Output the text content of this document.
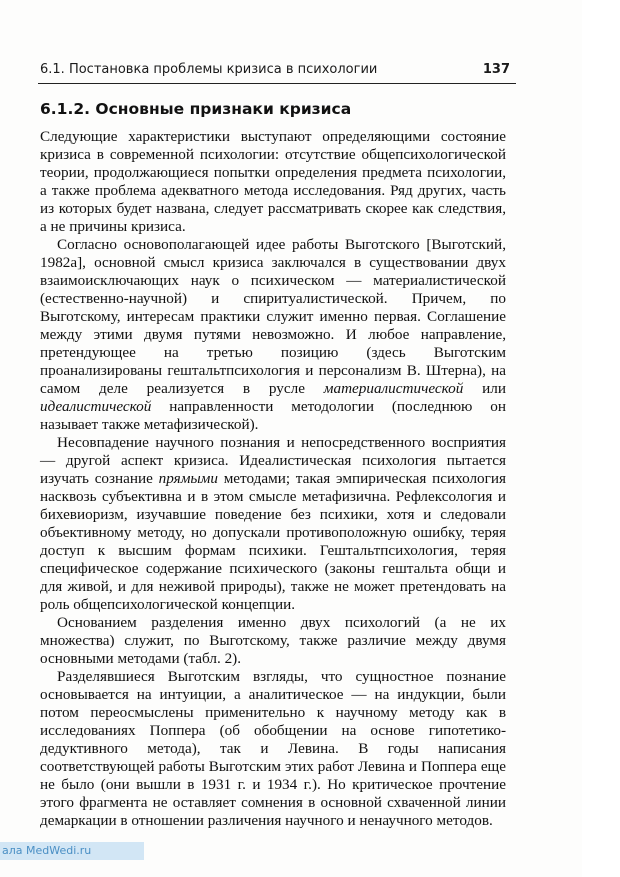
6.1. Постановка проблемы кризиса в психологии	137
6.1.2. Основные признаки кризиса

Следующие характеристики выступают определяющими состояние кризиса в современной психологии: отсутствие общепсихологической теории, продолжающиеся попытки определения предмета психологии, а также проблема адекватного метода исследования. Ряд других, часть из которых будет названа, следует рассматривать скорее как следствия, а не причины кризиса.

Согласно основополагающей идее работы Выготского [Выготский, 1982а], основной смысл кризиса заключался в существовании двух взаимоисключающих наук о психическом — материалистической (естественно-научной) и спиритуалистической. Причем, по Выготскому, интересам практики служит именно первая. Соглашение между этими двумя путями невозможно. И любое направление, претендующее на третью позицию (здесь Выготским проанализированы гештальтпсихология и персонализм В. Штерна), на самом деле реализуется в русле материалистической или идеалистической направленности методологии (последнюю он называет также метафизической).

Несовпадение научного познания и непосредственного восприятия — другой аспект кризиса. Идеалистическая психология пытается изучать сознание прямыми методами; такая эмпирическая психология насквозь субъективна и в этом смысле метафизична. Рефлексология и бихевиоризм, изучавшие поведение без психики, хотя и следовали объективному методу, но допускали противоположную ошибку, теряя доступ к высшим формам психики. Гештальтпсихология, теряя специфическое содержание психического (законы гештальта общи и для живой, и для неживой природы), также не может претендовать на роль общепсихологической концепции.

Основанием разделения именно двух психологий (а не их множества) служит, по Выготскому, также различие между двумя основными методами (табл. 2).

Разделявшиеся Выготским взгляды, что сущностное познание основывается на интуиции, а аналитическое — на индукции, были потом переосмыслены применительно к научному методу как в исследованиях Поппера (об обобщении на основе гипотетико-дедуктивного метода), так и Левина. В годы написания соответствующей работы Выготским этих работ Левина и Поппера еще не было (они вышли в 1931 г. и 1934 г.). Но критическое прочтение этого фрагмента не оставляет сомнения в основной схваченной линии демаркации в отношении различения научного и ненаучного методов.

ала MedWedi.ru
